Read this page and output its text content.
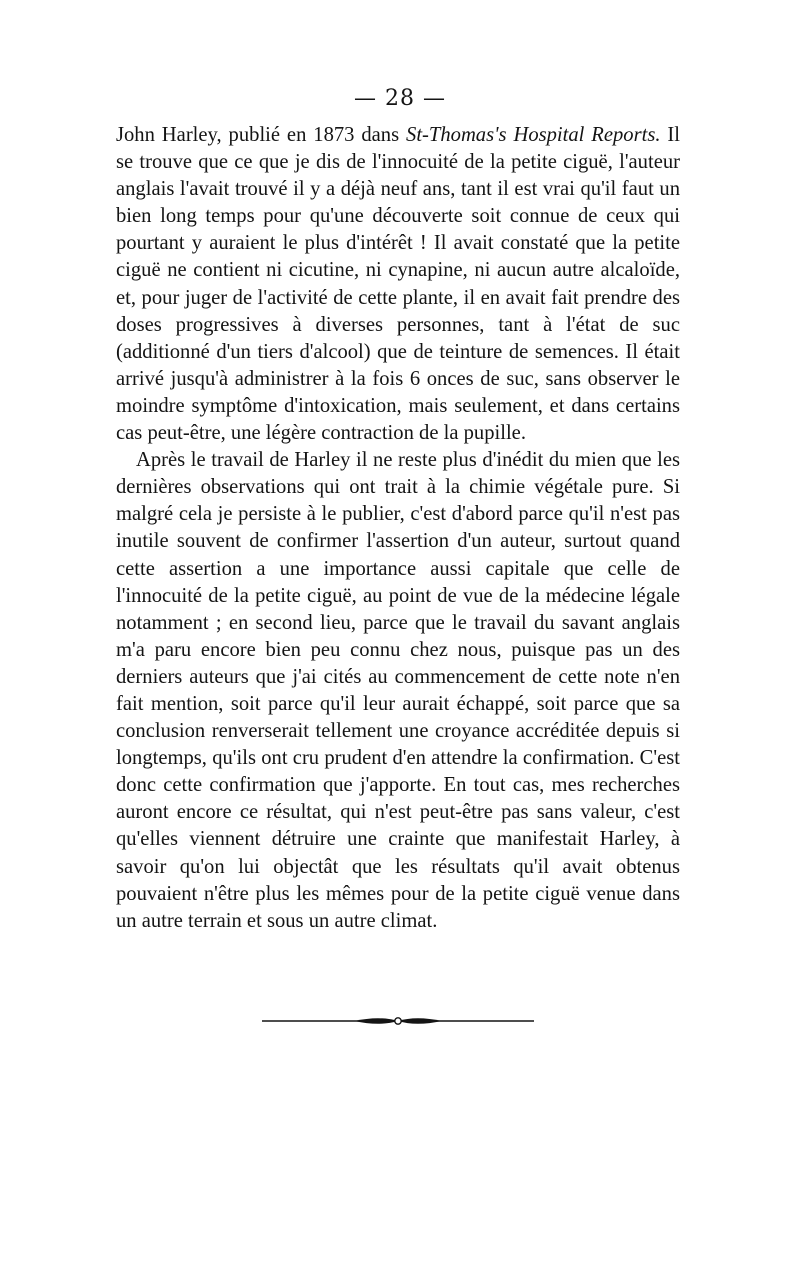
— 28 —

John Harley, publié en 1873 dans St-Thomas's Hospital Reports. Il se trouve que ce que je dis de l'innocuité de la petite ciguë, l'auteur anglais l'avait trouvé il y a déjà neuf ans, tant il est vrai qu'il faut un bien long temps pour qu'une découverte soit connue de ceux qui pourtant y auraient le plus d'intérêt ! Il avait constaté que la petite ciguë ne contient ni cicutine, ni cynapine, ni aucun autre alcaloïde, et, pour juger de l'activité de cette plante, il en avait fait prendre des doses progressives à diverses personnes, tant à l'état de suc (additionné d'un tiers d'alcool) que de teinture de semences. Il était arrivé jusqu'à administrer à la fois 6 onces de suc, sans observer le moindre symptôme d'intoxication, mais seulement, et dans certains cas peut-être, une légère contraction de la pupille.

Après le travail de Harley il ne reste plus d'inédit du mien que les dernières observations qui ont trait à la chimie végétale pure. Si malgré cela je persiste à le publier, c'est d'abord parce qu'il n'est pas inutile souvent de confirmer l'assertion d'un auteur, surtout quand cette assertion a une importance aussi capitale que celle de l'innocuité de la petite ciguë, au point de vue de la médecine légale notamment ; en second lieu, parce que le travail du savant anglais m'a paru encore bien peu connu chez nous, puisque pas un des derniers auteurs que j'ai cités au commencement de cette note n'en fait mention, soit parce qu'il leur aurait échappé, soit parce que sa conclusion renverserait tellement une croyance accréditée depuis si longtemps, qu'ils ont cru prudent d'en attendre la confirmation. C'est donc cette confirmation que j'apporte. En tout cas, mes recherches auront encore ce résultat, qui n'est peut-être pas sans valeur, c'est qu'elles viennent détruire une crainte que manifestait Harley, à savoir qu'on lui objectât que les résultats qu'il avait obtenus pouvaient n'être plus les mêmes pour de la petite ciguë venue dans un autre terrain et sous un autre climat.
